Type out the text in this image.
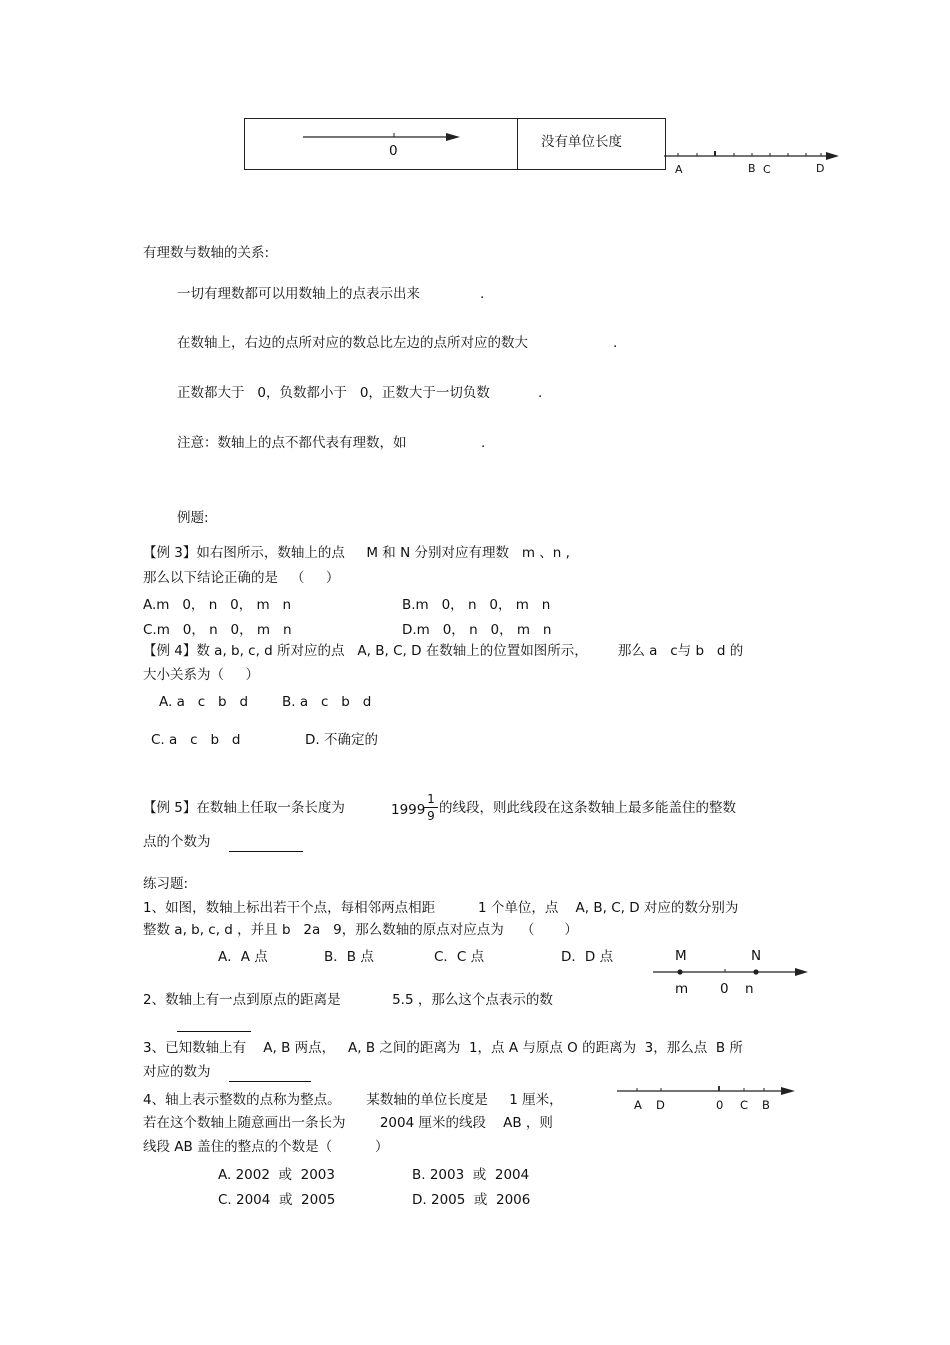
0
没有单位长度
A	B C	D
有理数与数轴的关系:
一切有理数都可以用数轴上的点表示出来	.
在数轴上，右边的点所对应的数总比左边的点所对应的数大	.
正数都大于   0，负数都小于   0，正数大于一切负数	.
注意：数轴上的点不都代表有理数，如	.
例题:
【例 3】如右图所示，数轴上的点     M 和 N 分别对应有理数   m 、n ,
那么以下结论正确的是   （     ）
A.m   0， n   0， m   n	B.m   0， n   0， m   n
C.m   0， n   0， m   n	D.m   0， n   0， m   n
【例 4】数 a, b, c, d 所对应的点   A, B, C, D 在数轴上的位置如图所示，       那么 a   c与 b   d 的
大小关系为（     ）
A. a   c   b   d	B. a   c   b   d
C. a   c   b   d	D. 不确定的
【例 5】在数轴上任取一条长度为	1999
1
9 的线段，则此线段在这条数轴上最多能盖住的整数
点的个数为
练习题:
1、如图，数轴上标出若干个点，每相邻两点相距          1 个单位，点    A, B, C, D 对应的数分别为
整数 a, b, c, d ，并且 b   2a   9，那么数轴的原点对应点为    （       ）
A．A 点	B．B 点	C．C 点	D．D 点	M	N
m 0 n
2、数轴上有一点到原点的距离是            5.5 ，那么这个点表示的数
3、已知数轴上有    A, B 两点，   A, B 之间的距离为  1，点 A 与原点 O 的距离为  3，那么点  B 所
对应的数为
4、轴上表示整数的点称为整点。      某数轴的单位长度是     1 厘米，
若在这个数轴上随意画出一条长为        2004 厘米的线段    AB ，则
线段 AB 盖住的整点的个数是（          ）
A. 2002  或  2003	B. 2003  或  2004
C. 2004  或  2005	D. 2005  或  2006
A D	0 C B
